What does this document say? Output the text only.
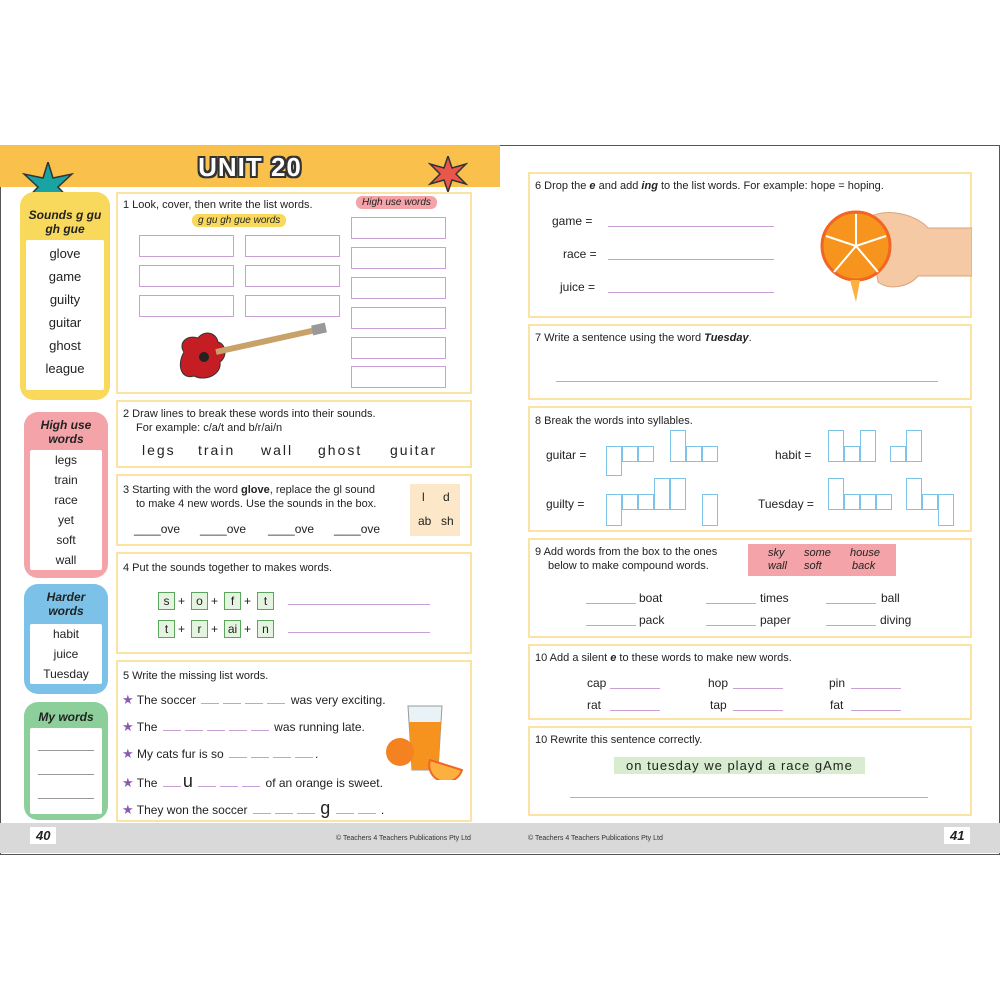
UNIT 20
Sounds g gu gh gue
glove
game
guilty
guitar
ghost
league
High use words
legs
train
race
yet
soft
wall
Harder words
habit
juice
Tuesday
My words
1 Look, cover, then write the list words.
g gu gh gue words
High use words
2 Draw lines to break these words into their sounds.
For example: c/a/t and b/r/ai/n
legs train wall ghost guitar
3 Starting with the word glove, replace the gl sound
to make 4 new words. Use the sounds in the box.
____ove ____ove ____ove ____ove
l d
ab sh
4 Put the sounds together to makes words.
s + o +	f +	t
t +	r + ai + n
5 Write the missing list words.
★ The soccer	was very exciting.
★ The	was running late.
★ My cats fur is so	.
★ The u	of an orange is sweet.
★ They won the soccer	g	.
6 Drop the e and add ing to the list words. For example: hope = hoping.
game =
race =
juice =
7 Write a sentence using the word Tuesday.
8 Break the words into syllables.
guitar =	habit =
guilty =	Tuesday =
9 Add words from the box to the ones
below to make compound words.
sky some house
wall soft	back
boat	times	ball
pack	paper	diving
10 Add a silent e to these words to make new words.
cap	hop	pin
rat	tap	fat
10 Rewrite this sentence correctly.
on tuesday we playd a race gAme
40	41
© Teachers 4 Teachers Publications Pty Ltd	© Teachers 4 Teachers Publications Pty Ltd
